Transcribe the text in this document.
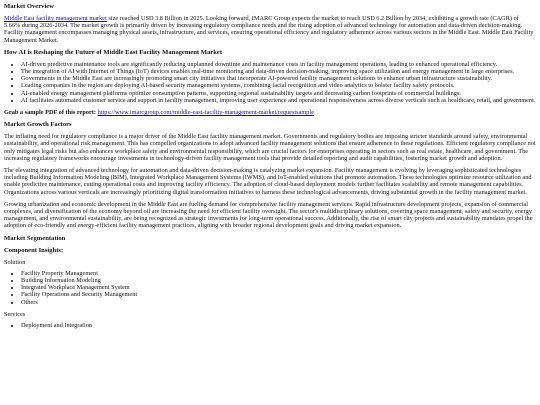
Market Overview

Middle East facility management market size reached USD 3.8 Billion in 2025. Looking forward, IMARC Group expects the market to reach USD 6.2 Billion by 2034, exhibiting a growth rate (CAGR) of 5.66% during 2026-2034. The market growth is primarily driven by increasing regulatory compliance needs and the rising adoption of advanced technology for automation and data-driven decision-making. Facility management encompasses managing physical assets, infrastructure, and services, ensuring operational efficiency and regulatory adherence across various sectors in the Middle East. Middle East Facility Management Market.

How AI is Reshaping the Future of Middle East Facility Management Market
• AI-driven predictive maintenance tools are significantly reducing unplanned downtime and maintenance costs in facility management operations, leading to enhanced operational efficiency.
• The integration of AI with Internet of Things (IoT) devices enables real-time monitoring and data-driven decision-making, improving space utilization and energy management in large enterprises.
• Governments in the Middle East are increasingly promoting smart city initiatives that incorporate AI-powered facility management solutions to enhance urban infrastructure sustainability.
• Leading companies in the region are deploying AI-based security management systems, combining facial recognition and video analytics to bolster facility safety protocols.
• AI-enabled energy management platforms optimize consumption patterns, supporting regional sustainability targets and decreasing carbon footprints of commercial buildings.
• AI facilitates automated customer service and support in facility management, improving user experience and operational responsiveness across diverse verticals such as healthcare, retail, and government.

Grab a sample PDF of this report: https://www.imarcgroup.com/middle-east-facility-management-market/requestsample

Market Growth Factors

The inflating need for regulatory compliance is a major driver of the Middle East facility management market. Governments and regulatory bodies are imposing stricter standards around safety, environmental sustainability, and operational risk management. This has compelled organizations to adopt advanced facility management solutions that ensure adherence to these regulations. Efficient regulatory compliance not only mitigates legal risks but also enhances workplace safety and environmental responsibility, which are crucial factors for enterprises operating in sectors such as real estate, healthcare, and government. The increasing regulatory frameworks encourage investments in technology-driven facility management tools that provide detailed reporting and audit capabilities, fostering market growth and adoption.

The elevating integration of advanced technology for automation and data-driven decision-making is catalyzing market expansion. Facility management is evolving by leveraging sophisticated technologies including Building Information Modeling (BIM), Integrated Workplace Management Systems (IWMS), and IoT-enabled solutions that promote automation. These technologies optimize resource utilization and enable predictive maintenance, cutting operational costs and improving facility efficiency. The adoption of cloud-based deployment models further facilitates scalability and remote management capabilities. Organizations across various verticals are increasingly prioritizing digital transformation initiatives to harness these technological advancements, driving substantial growth in the facility management market.

Growing urbanization and economic development in the Middle East are fueling demand for comprehensive facility management services. Rapid infrastructure development projects, expansion of commercial complexes, and diversification of the economy beyond oil are increasing the need for efficient facility oversight. The sector's multidisciplinary solutions, covering space management, safety and security, energy management, and environmental sustainability, are being recognized as strategic investments for long-term operational success. Additionally, the rise of smart city projects and sustainability mandates propel the adoption of eco-friendly and energy-efficient facility management practices, aligning with broader regional development goals and driving market expansion.

Market Segmentation
Component Insights:

Solution

• Facility Property Management
• Building Information Modeling
• Integrated Workplace Management System
• Facility Operations and Security Management
• Others

Services

• Deployment and Integration
